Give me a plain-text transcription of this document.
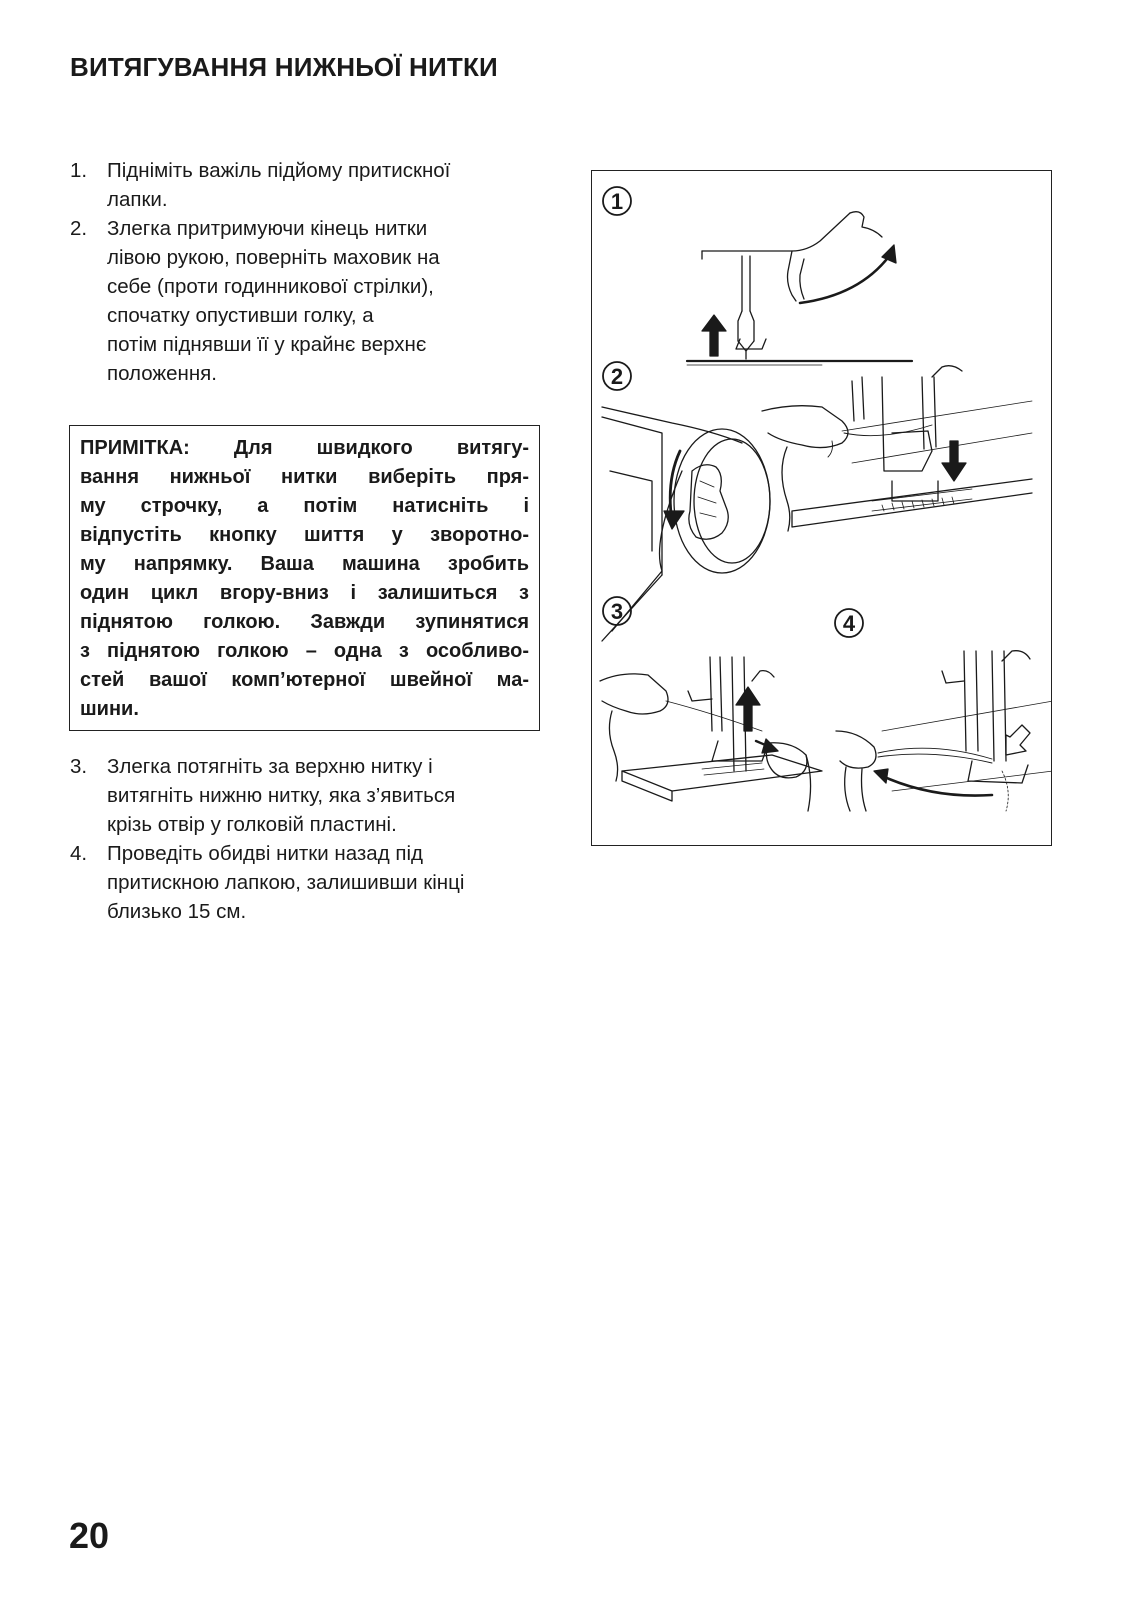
ВИТЯГУВАННЯ НИЖНЬОЇ НИТКИ
1. Підніміть важіль підйому притискної
лапки.
2. Злегка притримуючи кінець нитки
лівою рукою, поверніть маховик на
себе (проти годинникової стрілки),
спочатку опустивши голку, а
потім піднявши її у крайнє верхнє
положення.
ПРИМІТКА: Для швидкого витягу-
вання нижньої нитки виберіть пря-
му строчку, а потім натисніть і
відпустіть кнопку шиття у зворотно-
му напрямку. Ваша машина зробить
один цикл вгору-вниз і залишиться з
піднятою голкою. Завжди зупинятися
з піднятою голкою – одна з особливо-
стей вашої комп’ютерної швейної ма-
шини.
3. Злегка потягніть за верхню нитку і
витягніть нижню нитку, яка з’явиться
крізь отвір у голковій пластині.
4. Проведіть обидві нитки назад під
притискною лапкою, залишивши кінці
близько 15 см.
1
2
3	4
20
